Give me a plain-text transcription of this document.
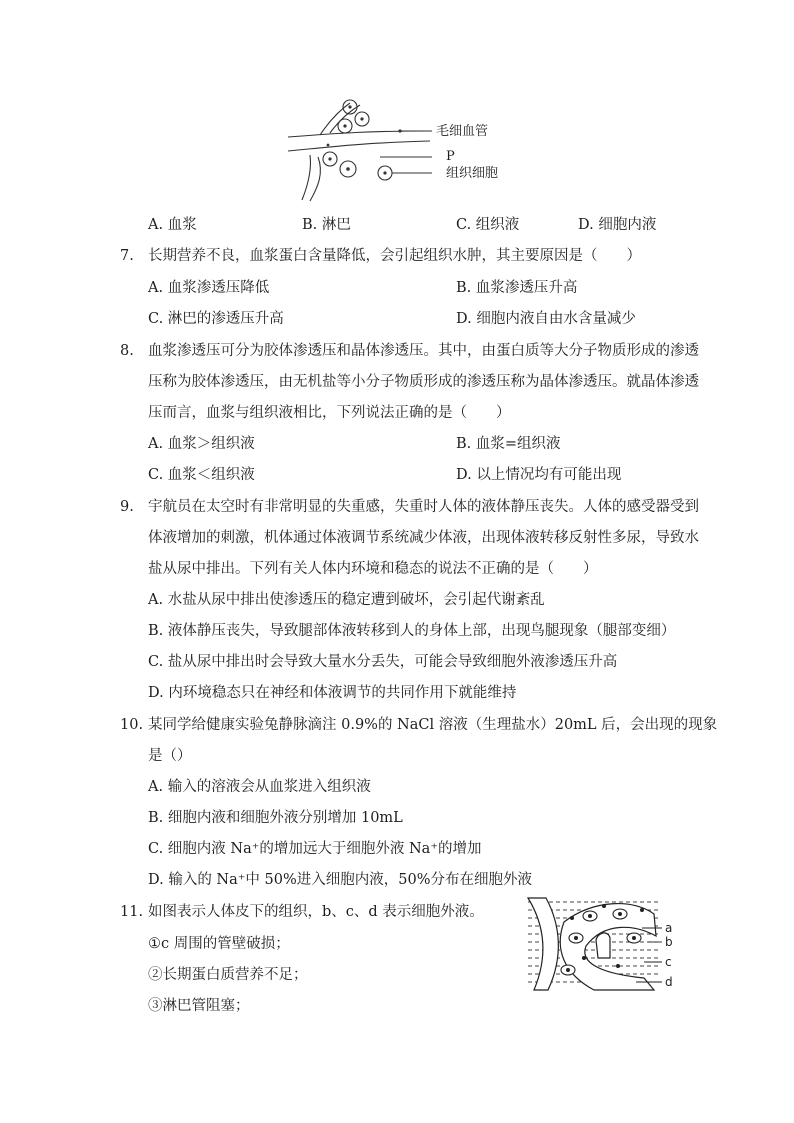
毛细血管
P
组织细胞
A. 血浆	B. 淋巴	C. 组织液	D. 细胞内液
7. 长期营养不良，血浆蛋白含量降低，会引起组织水肿，其主要原因是（　　）
A. 血浆渗透压降低	B. 血浆渗透压升高
C. 淋巴的渗透压升高	D. 细胞内液自由水含量减少
8. 血浆渗透压可分为胶体渗透压和晶体渗透压。其中，由蛋白质等大分子物质形成的渗透
压称为胶体渗透压，由无机盐等小分子物质形成的渗透压称为晶体渗透压。就晶体渗透
压而言，血浆与组织液相比，下列说法正确的是（　　）
A. 血浆＞组织液	B. 血浆=组织液
C. 血浆＜组织液	D. 以上情况均有可能出现
9. 宇航员在太空时有非常明显的失重感，失重时人体的液体静压丧失。人体的感受器受到
体液增加的刺激，机体通过体液调节系统减少体液，出现体液转移反射性多尿，导致水
盐从尿中排出。下列有关人体内环境和稳态的说法不正确的是（　　）
A. 水盐从尿中排出使渗透压的稳定遭到破坏，会引起代谢紊乱
B. 液体静压丧失，导致腿部体液转移到人的身体上部，出现鸟腿现象（腿部变细）
C. 盐从尿中排出时会导致大量水分丢失，可能会导致细胞外液渗透压升高
D. 内环境稳态只在神经和体液调节的共同作用下就能维持
10. 某同学给健康实验兔静脉滴注 0.9%的 NaCl 溶液（生理盐水）20mL 后，会出现的现象
是（）
A. 输入的溶液会从血浆进入组织液
B. 细胞内液和细胞外液分别增加 10mL
C. 细胞内液 Na⁺的增加远大于细胞外液 Na⁺的增加
D. 输入的 Na⁺中 50%进入细胞内液，50%分布在细胞外液
11. 如图表示人体皮下的组织，b、c、d 表示细胞外液。
①c 周围的管壁破损；
②长期蛋白质营养不足；
③淋巴管阻塞；
a
b
c
d
